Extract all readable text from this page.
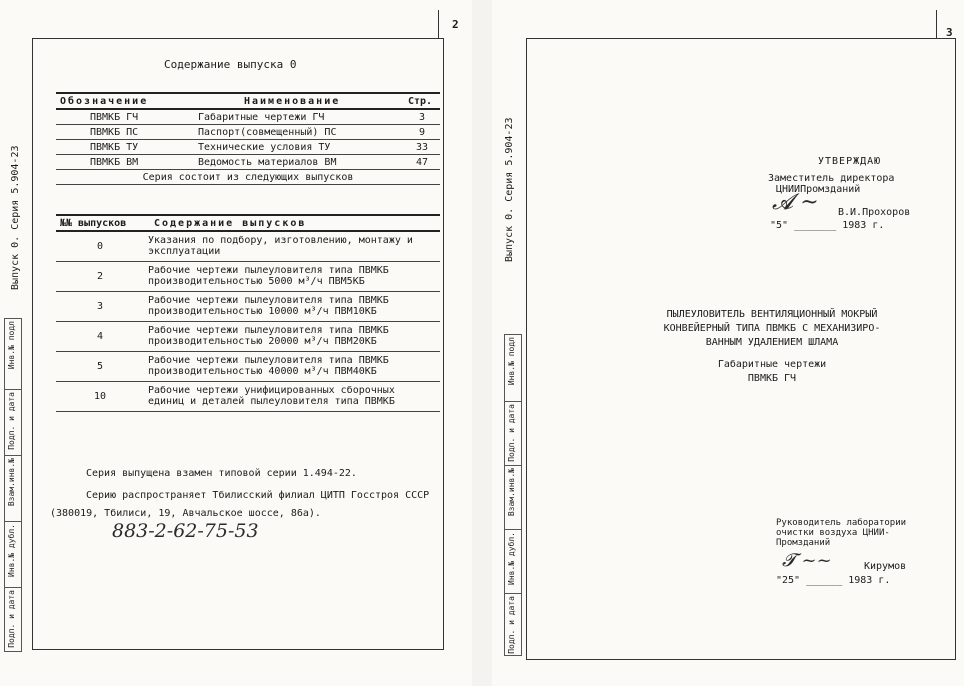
2
Выпуск 0. Серия 5.904-23
Инв.№ подл
Подп. и дата
Взам.инв.№
Инв.№ дубл.
Подп. и дата
Содержание выпуска 0
Обозначение	Наименование	Стр.
ПВМКБ ГЧ	Габаритные чертежи ГЧ	3
ПВМКБ ПС	Паспорт(совмещенный) ПС	9
ПВМКБ ТУ	Технические условия ТУ	33
ПВМКБ ВМ	Ведомость материалов ВМ	47
Серия состоит из следующих выпусков		
№№ выпусков	Содержание выпусков
0	Указания по подбору, изготовлению, монтажу и эксплуатации
2	Рабочие чертежи пылеуловителя типа ПВМКБ производительностью 5000 м³/ч ПВМ5КБ
3	Рабочие чертежи пылеуловителя типа ПВМКБ производительностью 10000 м³/ч ПВМ10КБ
4	Рабочие чертежи пылеуловителя типа ПВМКБ производительностью 20000 м³/ч ПВМ20КБ
5	Рабочие чертежи пылеуловителя типа ПВМКБ производительностью 40000 м³/ч ПВМ40КБ
10	Рабочие чертежи унифицированных сборочных единиц и деталей пылеуловителя типа ПВМКБ
Серия выпущена взамен типовой серии 1.494-22.
Серию распространяет Тбилисский филиал ЦИТП Госстроя СССР
(380019, Тбилиси, 19, Авчальское шоссе, 86а).
883-2-62-75-53
3
Выпуск 0. Серия 5.904-23
Инв.№ подл
Подп. и дата
Взам.инв.№
Инв.№ дубл.
Подп. и дата
УТВЕРЖДАЮ
Заместитель директора
ЦНИИПромзданий
В.И.Прохоров
"5" _______ 1983 г.
𝓐 ~
ПЫЛЕУЛОВИТЕЛЬ ВЕНТИЛЯЦИОННЫЙ МОКРЫЙ
КОНВЕЙЕРНЫЙ ТИПА ПВМКБ С МЕХАНИЗИРО-
ВАННЫМ УДАЛЕНИЕМ ШЛАМА
Габаритные чертежи
ПВМКБ ГЧ
Руководитель лаборатории
очистки воздуха ЦНИИ-
Промзданий
Кирумов
"25" ______ 1983 г.
𝓣 ~~
